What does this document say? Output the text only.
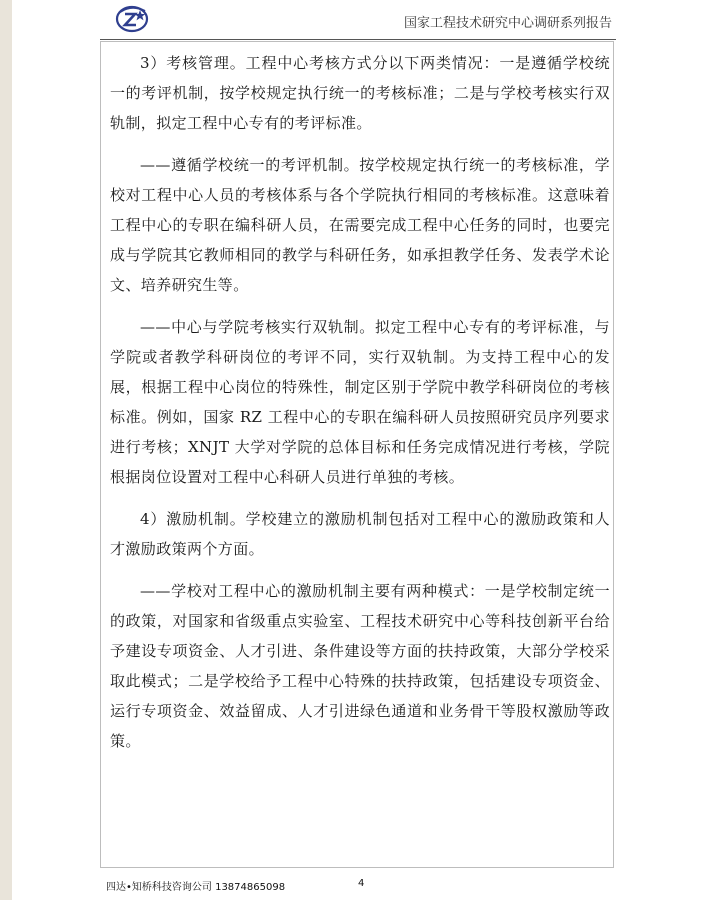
国家工程技术研究中心调研系列报告

3）考核管理。工程中心考核方式分以下两类情况：一是遵循学校统一的考评机制，按学校规定执行统一的考核标准；二是与学校考核实行双轨制，拟定工程中心专有的考评标准。

——遵循学校统一的考评机制。按学校规定执行统一的考核标准，学校对工程中心人员的考核体系与各个学院执行相同的考核标准。这意味着工程中心的专职在编科研人员，在需要完成工程中心任务的同时，也要完成与学院其它教师相同的教学与科研任务，如承担教学任务、发表学术论文、培养研究生等。

——中心与学院考核实行双轨制。拟定工程中心专有的考评标准，与学院或者教学科研岗位的考评不同，实行双轨制。为支持工程中心的发展，根据工程中心岗位的特殊性，制定区别于学院中教学科研岗位的考核标准。例如，国家 RZ 工程中心的专职在编科研人员按照研究员序列要求进行考核；XNJT 大学对学院的总体目标和任务完成情况进行考核，学院根据岗位设置对工程中心科研人员进行单独的考核。

4）激励机制。学校建立的激励机制包括对工程中心的激励政策和人才激励政策两个方面。

——学校对工程中心的激励机制主要有两种模式：一是学校制定统一的政策，对国家和省级重点实验室、工程技术研究中心等科技创新平台给予建设专项资金、人才引进、条件建设等方面的扶持政策，大部分学校采取此模式；二是学校给予工程中心特殊的扶持政策，包括建设专项资金、运行专项资金、效益留成、人才引进绿色通道和业务骨干等股权激励等政策。

四达•知桥科技咨询公司 13874865098	4
